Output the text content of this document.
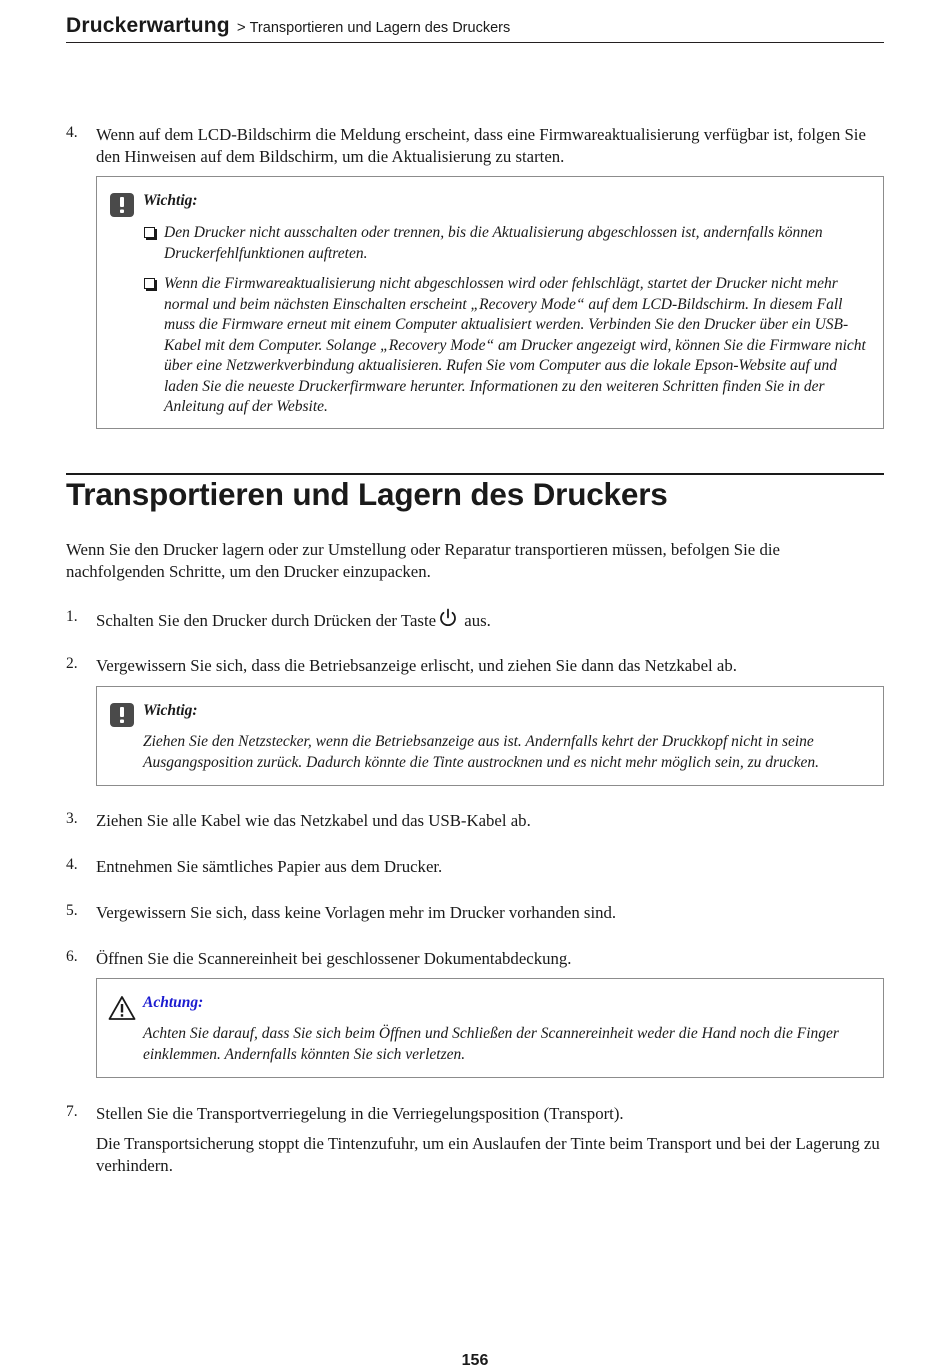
Druckerwartung > Transportieren und Lagern des Druckers
4. Wenn auf dem LCD-Bildschirm die Meldung erscheint, dass eine Firmwareaktualisierung verfügbar ist, folgen Sie den Hinweisen auf dem Bildschirm, um die Aktualisierung zu starten.

Wichtig:
Den Drucker nicht ausschalten oder trennen, bis die Aktualisierung abgeschlossen ist, andernfalls können Druckerfehlfunktionen auftreten.
Wenn die Firmwareaktualisierung nicht abgeschlossen wird oder fehlschlägt, startet der Drucker nicht mehr normal und beim nächsten Einschalten erscheint „Recovery Mode“ auf dem LCD-Bildschirm. In diesem Fall muss die Firmware erneut mit einem Computer aktualisiert werden. Verbinden Sie den Drucker über ein USB-Kabel mit dem Computer. Solange „Recovery Mode“ am Drucker angezeigt wird, können Sie die Firmware nicht über eine Netzwerkverbindung aktualisieren. Rufen Sie vom Computer aus die lokale Epson-Website auf und laden Sie die neueste Druckerfirmware herunter. Informationen zu den weiteren Schritten finden Sie in der Anleitung auf der Website.
Transportieren und Lagern des Druckers
Wenn Sie den Drucker lagern oder zur Umstellung oder Reparatur transportieren müssen, befolgen Sie die nachfolgenden Schritte, um den Drucker einzupacken.
1. Schalten Sie den Drucker durch Drücken der Taste aus.

2. Vergewissern Sie sich, dass die Betriebsanzeige erlischt, und ziehen Sie dann das Netzkabel ab.

Wichtig:

Ziehen Sie den Netzstecker, wenn die Betriebsanzeige aus ist. Andernfalls kehrt der Druckkopf nicht in seine Ausgangsposition zurück. Dadurch könnte die Tinte austrocknen und es nicht mehr möglich sein, zu drucken.

3. Ziehen Sie alle Kabel wie das Netzkabel und das USB-Kabel ab.

4. Entnehmen Sie sämtliches Papier aus dem Drucker.

5. Vergewissern Sie sich, dass keine Vorlagen mehr im Drucker vorhanden sind.

6. Öffnen Sie die Scannereinheit bei geschlossener Dokumentabdeckung.

Achtung:

Achten Sie darauf, dass Sie sich beim Öffnen und Schließen der Scannereinheit weder die Hand noch die Finger einklemmen. Andernfalls könnten Sie sich verletzen.

7. Stellen Sie die Transportverriegelung in die Verriegelungsposition (Transport).

Die Transportsicherung stoppt die Tintenzufuhr, um ein Auslaufen der Tinte beim Transport und bei der Lagerung zu verhindern.

156
